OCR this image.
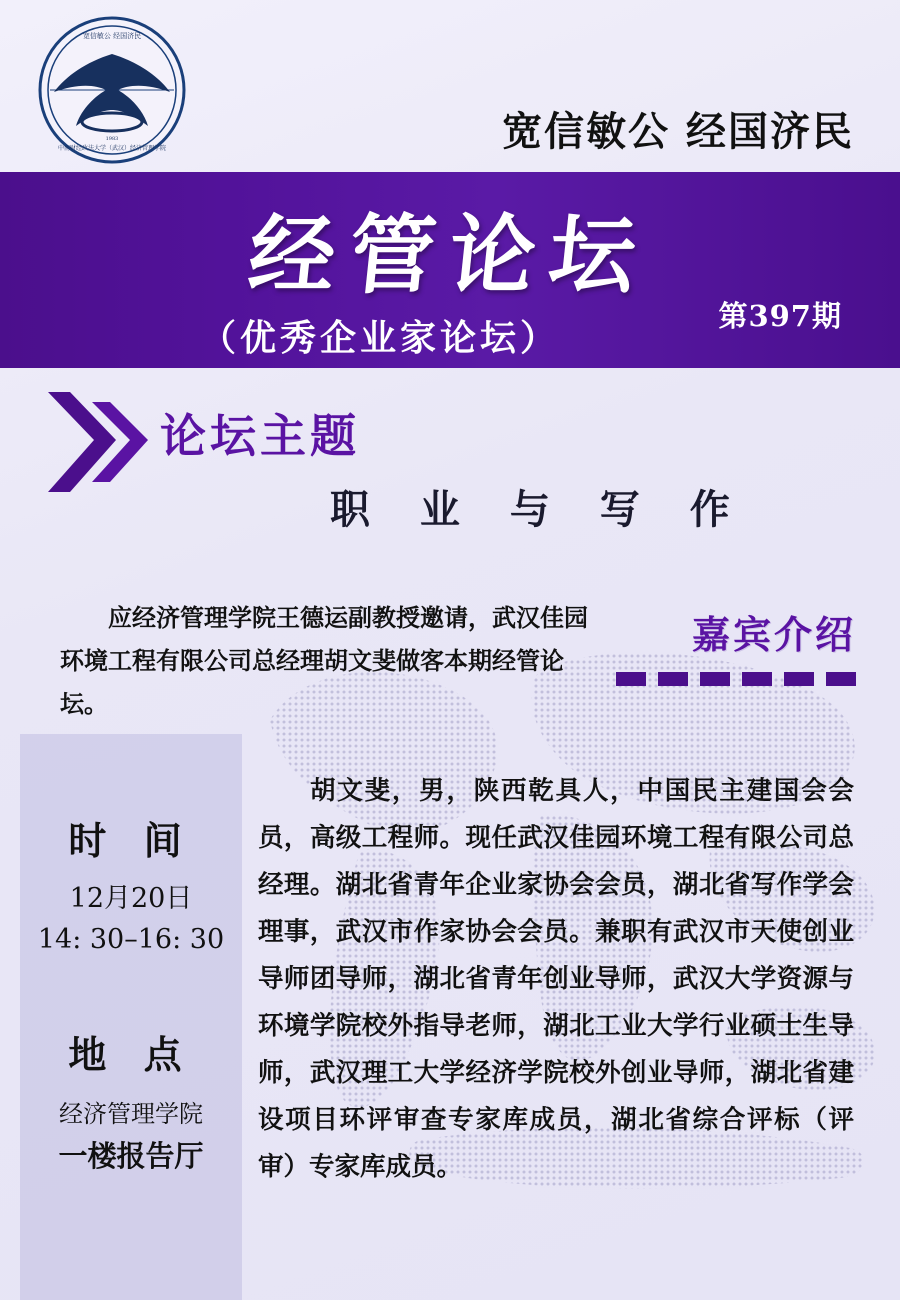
宽信敏公 经国济民
中南财经政法大学（武汉）经济管理学院
1983	宽信敏公 经国济民
经管论坛
第397期
（优秀企业家论坛）
论坛主题
职 业 与 写 作
应经济管理学院王德运副教授邀请，武汉佳园环境工程有限公司总经理胡文斐做客本期经管论坛。
嘉宾介绍
时 间
12月20日
14: 30–16: 30
地 点
经济管理学院
一楼报告厅
胡文斐，男，陕西乾具人，中国民主建国会会员，高级工程师。现任武汉佳园环境工程有限公司总经理。湖北省青年企业家协会会员，湖北省写作学会理事，武汉市作家协会会员。兼职有武汉市天使创业导师团导师，湖北省青年创业导师，武汉大学资源与环境学院校外指导老师，湖北工业大学行业硕士生导师，武汉理工大学经济学院校外创业导师，湖北省建设项目环评审查专家库成员，湖北省综合评标（评审）专家库成员。
